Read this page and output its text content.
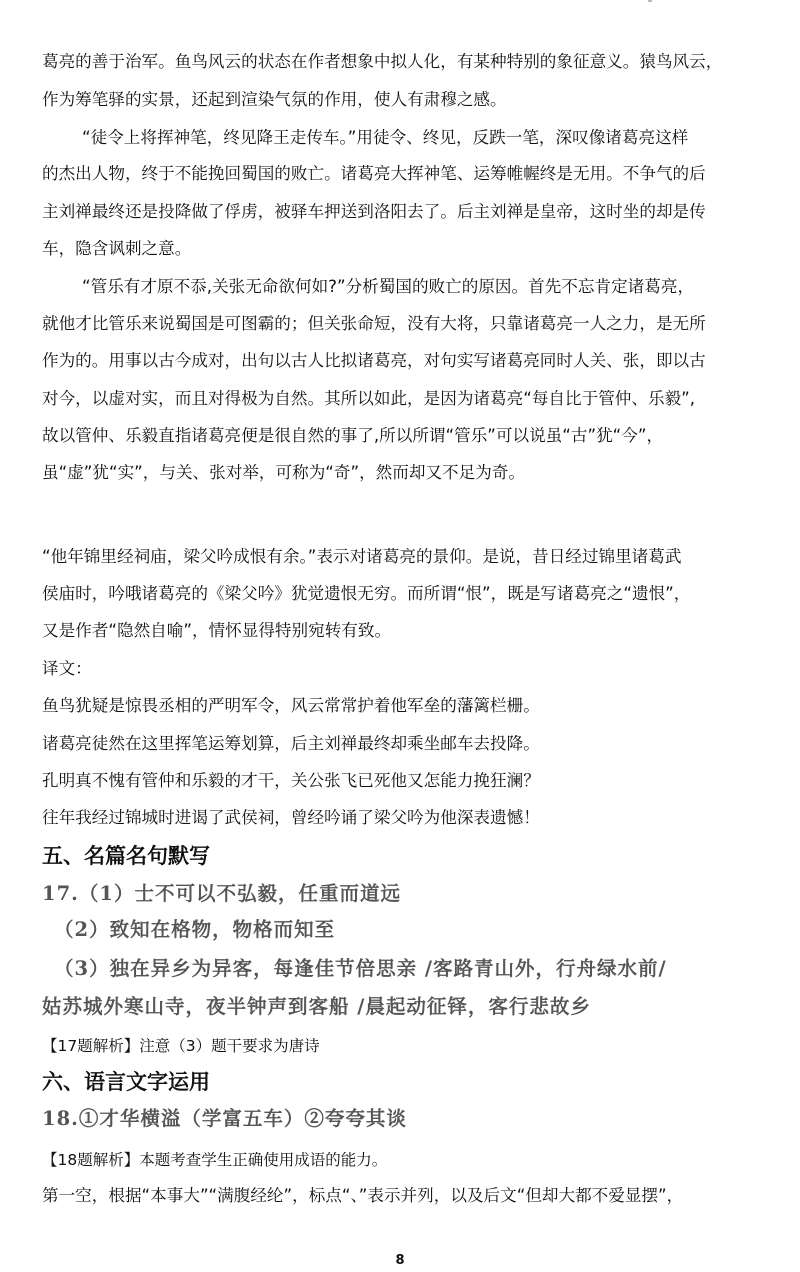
葛亮的善于治军。鱼鸟风云的状态在作者想象中拟人化，有某种特别的象征意义。猿鸟风云，
作为筹笔驿的实景，还起到渲染气氛的作用，使人有肃穆之感。
“徒令上将挥神笔，终见降王走传车。”用徒令、终见，反跌一笔，深叹像诸葛亮这样
的杰出人物，终于不能挽回蜀国的败亡。诸葛亮大挥神笔、运筹帷幄终是无用。不争气的后
主刘禅最终还是投降做了俘虏，被驿车押送到洛阳去了。后主刘禅是皇帝，这时坐的却是传
车，隐含讽刺之意。
“管乐有才原不忝,关张无命欲何如?”分析蜀国的败亡的原因。首先不忘肯定诸葛亮，
就他才比管乐来说蜀国是可图霸的；但关张命短，没有大将，只靠诸葛亮一人之力，是无所
作为的。用事以古今成对，出句以古人比拟诸葛亮，对句实写诸葛亮同时人关、张，即以古
对今，以虚对实，而且对得极为自然。其所以如此，是因为诸葛亮“每自比于管仲、乐毅”,
故以管仲、乐毅直指诸葛亮便是很自然的事了,所以所谓“管乐”可以说虽“古”犹“今”，
虽“虚”犹“实”，与关、张对举，可称为“奇”，然而却又不足为奇。
“他年锦里经祠庙，梁父吟成恨有余。”表示对诸葛亮的景仰。是说，昔日经过锦里诸葛武
侯庙时，吟哦诸葛亮的《梁父吟》犹觉遗恨无穷。而所谓“恨”，既是写诸葛亮之“遗恨”，
又是作者“隐然自喻”，情怀显得特别宛转有致。
译文：
鱼鸟犹疑是惊畏丞相的严明军令，风云常常护着他军垒的藩篱栏栅。
诸葛亮徒然在这里挥笔运筹划算，后主刘禅最终却乘坐邮车去投降。
孔明真不愧有管仲和乐毅的才干，关公张飞已死他又怎能力挽狂澜？
往年我经过锦城时进谒了武侯祠，曾经吟诵了梁父吟为他深表遗憾！
五、名篇名句默写
17.（1）士不可以不弘毅，任重而道远
（2）致知在格物，物格而知至
（3）独在异乡为异客，每逢佳节倍思亲 /客路青山外，行舟绿水前/
姑苏城外寒山寺，夜半钟声到客船 /晨起动征铎，客行悲故乡
【17题解析】注意（3）题干要求为唐诗
六、语言文字运用
18.①才华横溢（学富五车）②夸夸其谈
【18题解析】本题考查学生正确使用成语的能力。
第一空，根据“本事大”“满腹经纶”，标点“、”表示并列，以及后文“但却大都不爱显摆”，
8
